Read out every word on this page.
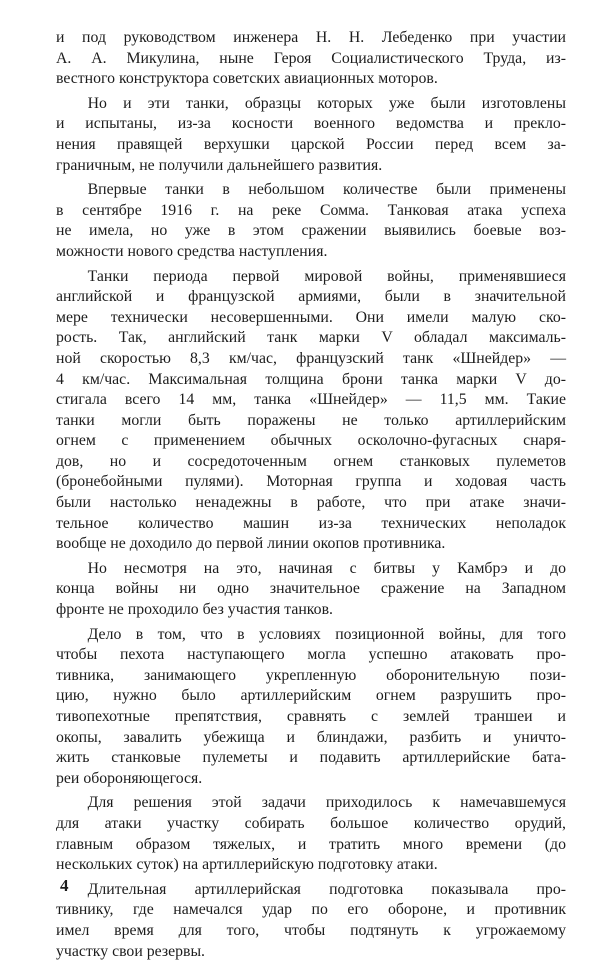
и под руководством инженера Н. Н. Лебеденко при участии
А. А. Микулина, ныне Героя Социалистического Труда, из-
вестного конструктора советских авиационных моторов.
Но и эти танки, образцы которых уже были изготовлены
и испытаны, из-за косности военного ведомства и прекло-
нения правящей верхушки царской России перед всем за-
граничным, не получили дальнейшего развития.
Впервые танки в небольшом количестве были применены
в сентябре 1916 г. на реке Сомма. Танковая атака успеха
не имела, но уже в этом сражении выявились боевые воз-
можности нового средства наступления.
Танки периода первой мировой войны, применявшиеся
английской и французской армиями, были в значительной
мере технически несовершенными. Они имели малую ско-
рость. Так, английский танк марки V обладал максималь-
ной скоростью 8,3 км/час, французский танк «Шнейдер» —
4 км/час. Максимальная толщина брони танка марки V до-
стигала всего 14 мм, танка «Шнейдер» — 11,5 мм. Такие
танки могли быть поражены не только артиллерийским
огнем с применением обычных осколочно-фугасных снаря-
дов, но и сосредоточенным огнем станковых пулеметов
(бронебойными пулями). Моторная группа и ходовая часть
были настолько ненадежны в работе, что при атаке значи-
тельное количество машин из-за технических неполадок
вообще не доходило до первой линии окопов противника.
Но несмотря на это, начиная с битвы у Камбрэ и до
конца войны ни одно значительное сражение на Западном
фронте не проходило без участия танков.
Дело в том, что в условиях позиционной войны, для того
чтобы пехота наступающего могла успешно атаковать про-
тивника, занимающего укрепленную оборонительную пози-
цию, нужно было артиллерийским огнем разрушить про-
тивопехотные препятствия, сравнять с землей траншеи и
окопы, завалить убежища и блиндажи, разбить и уничто-
жить станковые пулеметы и подавить артиллерийские бата-
реи обороняющегося.
Для решения этой задачи приходилось к намечавшемуся
для атаки участку собирать большое количество орудий,
главным образом тяжелых, и тратить много времени (до
нескольких суток) на артиллерийскую подготовку атаки.
Длительная артиллерийская подготовка показывала про-
тивнику, где намечался удар по его обороне, и противник
имел время для того, чтобы подтянуть к угрожаемому
участку свои резервы.
4
